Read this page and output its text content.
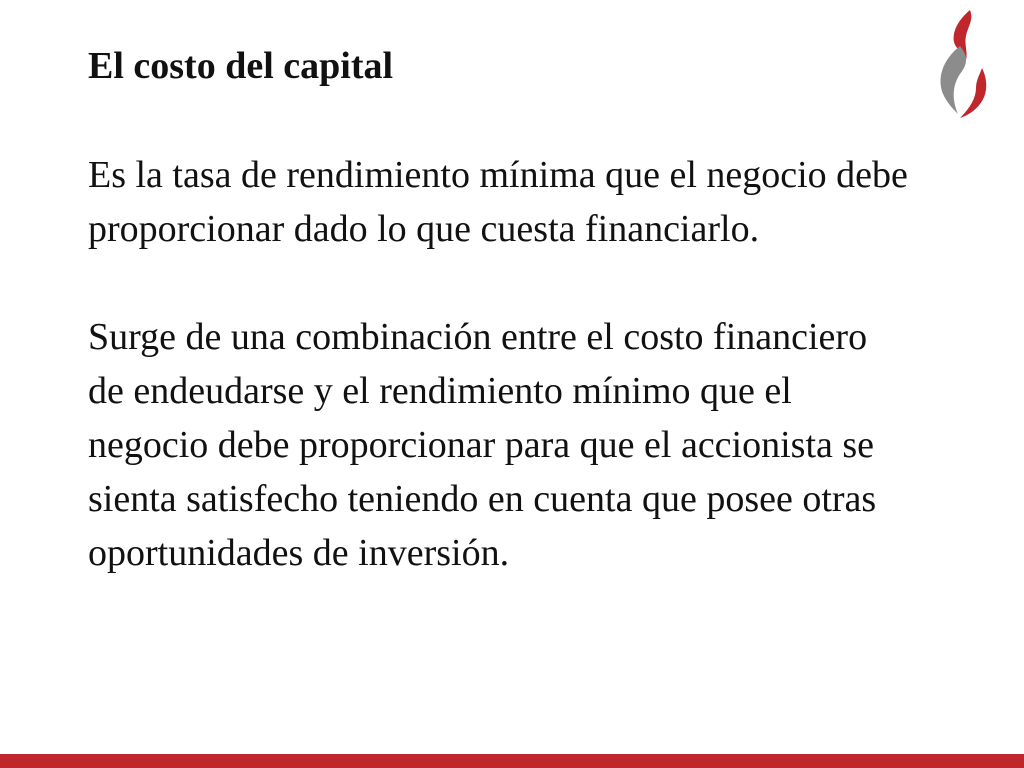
El costo del capital

Es la tasa de rendimiento mínima que el negocio debe proporcionar dado lo que cuesta financiarlo.

Surge de una combinación entre el costo financiero de endeudarse y el rendimiento mínimo que el negocio debe proporcionar para que el accionista se sienta satisfecho teniendo en cuenta que posee otras oportunidades de inversión.
